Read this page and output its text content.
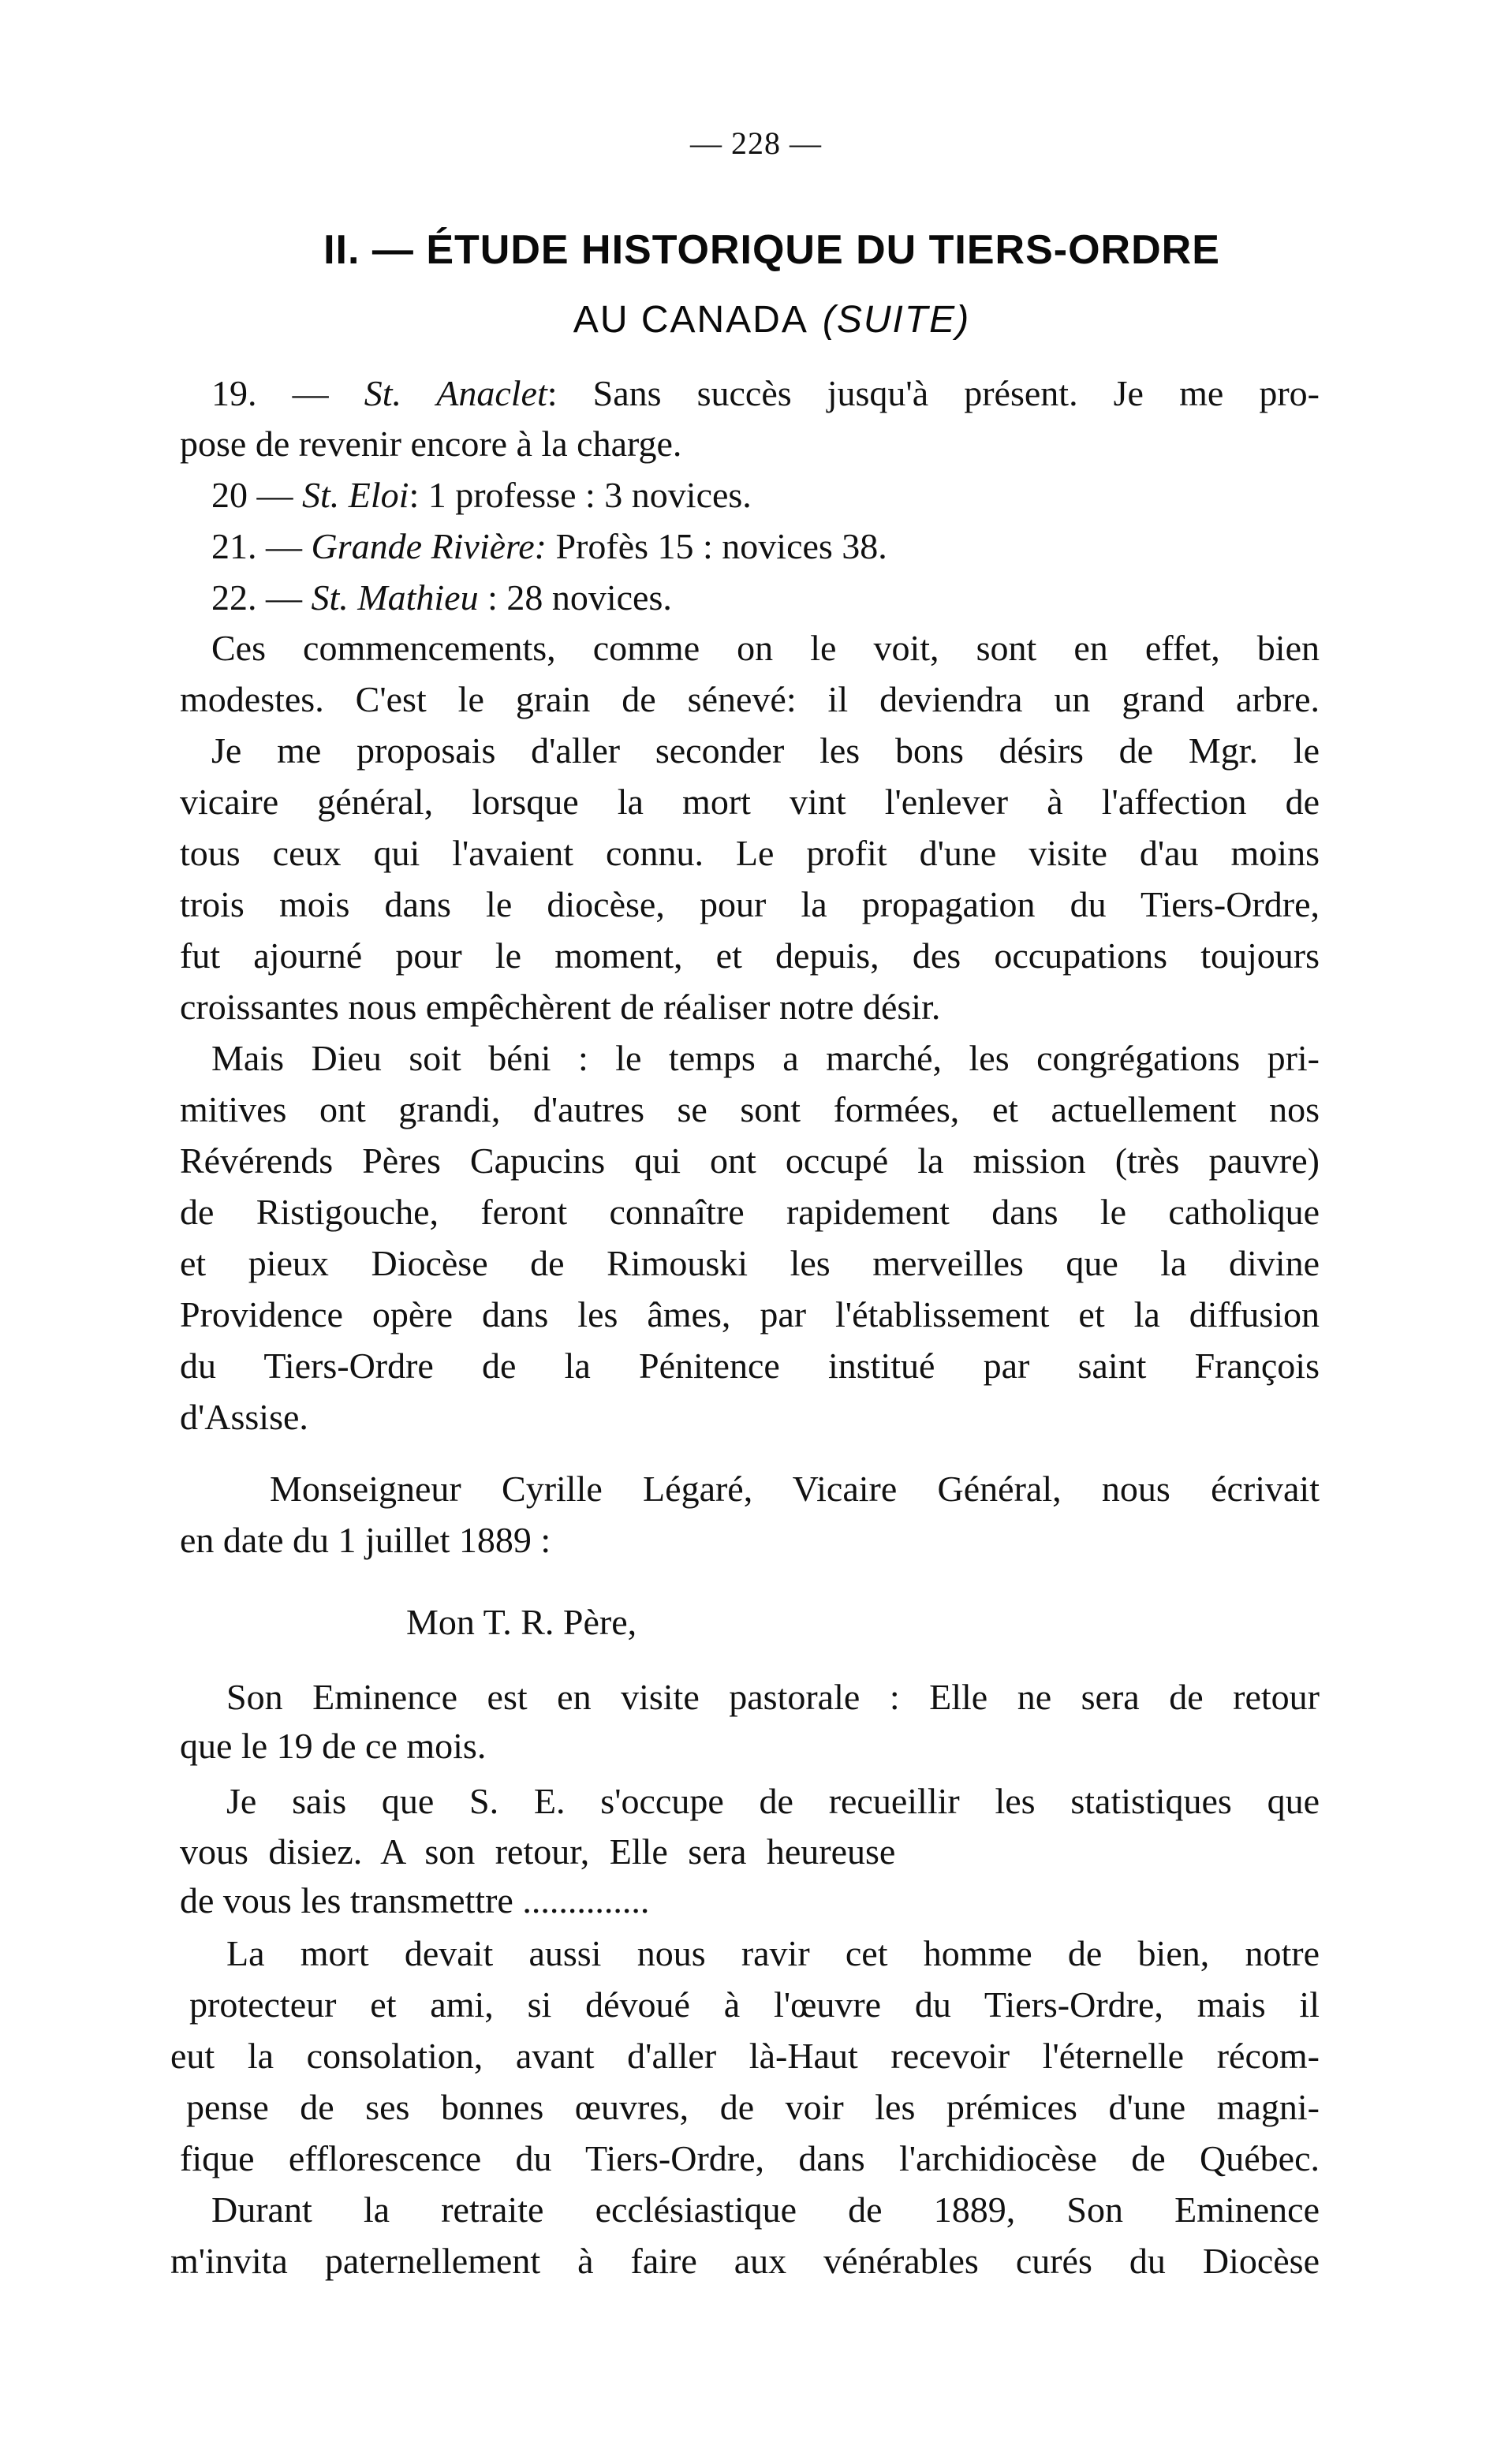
— 228 —
II. — ÉTUDE HISTORIQUE DU TIERS-ORDRE
AU CANADA (SUITE)
19. — St. Anaclet: Sans succès jusqu'à présent. Je me pro-
pose de revenir encore à la charge.
20 — St. Eloi: 1 professe : 3 novices.
21. — Grande Rivière: Profès 15 : novices 38.
22. — St. Mathieu : 28 novices.
Ces commencements, comme on le voit, sont en effet, bien
modestes. C'est le grain de sénevé: il deviendra un grand arbre.
Je me proposais d'aller seconder les bons désirs de Mgr. le
vicaire général, lorsque la mort vint l'enlever à l'affection de
tous ceux qui l'avaient connu. Le profit d'une visite d'au moins
trois mois dans le diocèse, pour la propagation du Tiers-Ordre,
fut ajourné pour le moment, et depuis, des occupations toujours
croissantes nous empêchèrent de réaliser notre désir.
Mais Dieu soit béni : le temps a marché, les congrégations pri-
mitives ont grandi, d'autres se sont formées, et actuellement nos
Révérends Pères Capucins qui ont occupé la mission (très pauvre)
de Ristigouche, feront connaître rapidement dans le catholique
et pieux Diocèse de Rimouski les merveilles que la divine
Providence opère dans les âmes, par l'établissement et la diffusion
du Tiers-Ordre de la Pénitence institué par saint François
d'Assise.
Monseigneur Cyrille Légaré, Vicaire Général, nous écrivait
en date du 1 juillet 1889 :
Mon T. R. Père,
Son Eminence est en visite pastorale : Elle ne sera de retour
que le 19 de ce mois.
Je sais que S. E. s'occupe de recueillir les statistiques que
vous disiez. A son retour, Elle sera heureuse
de vous les transmettre ..............
La mort devait aussi nous ravir cet homme de bien, notre
protecteur et ami, si dévoué à l'œuvre du Tiers-Ordre, mais il
eut la consolation, avant d'aller là-Haut recevoir l'éternelle récom-
pense de ses bonnes œuvres, de voir les prémices d'une magni-
fique efflorescence du Tiers-Ordre, dans l'archidiocèse de Québec.
Durant la retraite ecclésiastique de 1889, Son Eminence
m'invita paternellement à faire aux vénérables curés du Diocèse
